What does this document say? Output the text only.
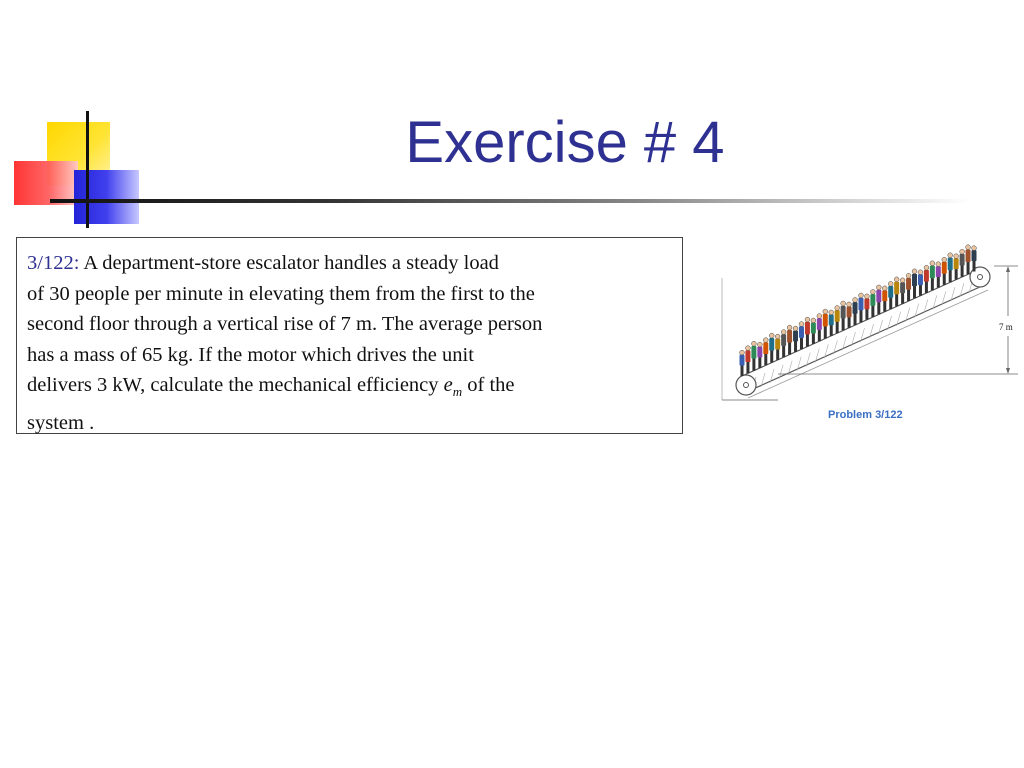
Exercise # 4

3/122: A department-store escalator handles a steady load

of 30 people per minute in elevating them from the first to the

second floor through a vertical rise of 7 m. The average person

has a mass of 65 kg. If the motor which drives the unit

delivers 3 kW, calculate the mechanical efficiency $e_m$ of the

system .

7 m
Problem 3/122
